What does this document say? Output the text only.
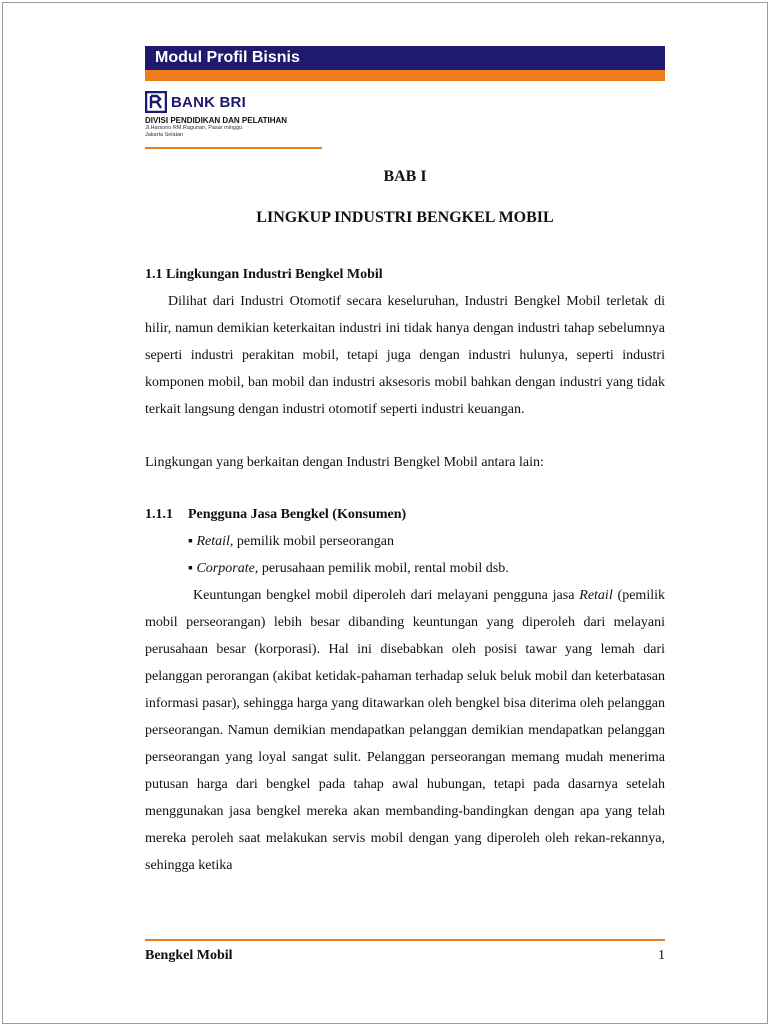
Modul Profil Bisnis
BANK BRI
DIVISI PENDIDIKAN DAN PELATIHAN
Jl.Harsono RM.Ragunan, Pasar minggu
Jakarta Selatan
BAB I
LINGKUP INDUSTRI BENGKEL MOBIL
1.1 Lingkungan Industri Bengkel Mobil

Dilihat dari Industri Otomotif secara keseluruhan, Industri Bengkel Mobil terletak di hilir, namun demikian keterkaitan industri ini tidak hanya dengan industri tahap sebelumnya seperti industri perakitan mobil, tetapi juga dengan industri hulunya, seperti industri komponen mobil, ban mobil dan industri aksesoris mobil bahkan dengan industri yang tidak terkait langsung dengan industri otomotif seperti industri keuangan.

Lingkungan yang berkaitan dengan Industri Bengkel Mobil antara lain:

1.1.1	Pengguna Jasa Bengkel (Konsumen)
▪ Retail, pemilik mobil perseorangan
▪ Corporate, perusahaan pemilik mobil, rental mobil dsb.

Keuntungan bengkel mobil diperoleh dari melayani pengguna jasa Retail (pemilik mobil perseorangan) lebih besar dibanding keuntungan yang diperoleh dari melayani perusahaan besar (korporasi). Hal ini disebabkan oleh posisi tawar yang lemah dari pelanggan perorangan (akibat ketidak-pahaman terhadap seluk beluk mobil dan keterbatasan informasi pasar), sehingga harga yang ditawarkan oleh bengkel bisa diterima oleh pelanggan perseorangan. Namun demikian mendapatkan pelanggan demikian mendapatkan pelanggan perseorangan yang loyal sangat sulit. Pelanggan perseorangan memang mudah menerima putusan harga dari bengkel pada tahap awal hubungan, tetapi pada dasarnya setelah menggunakan jasa bengkel mereka akan membanding-bandingkan dengan apa yang telah mereka peroleh saat melakukan servis mobil dengan yang diperoleh oleh rekan-rekannya, sehingga ketika

Bengkel Mobil	1
